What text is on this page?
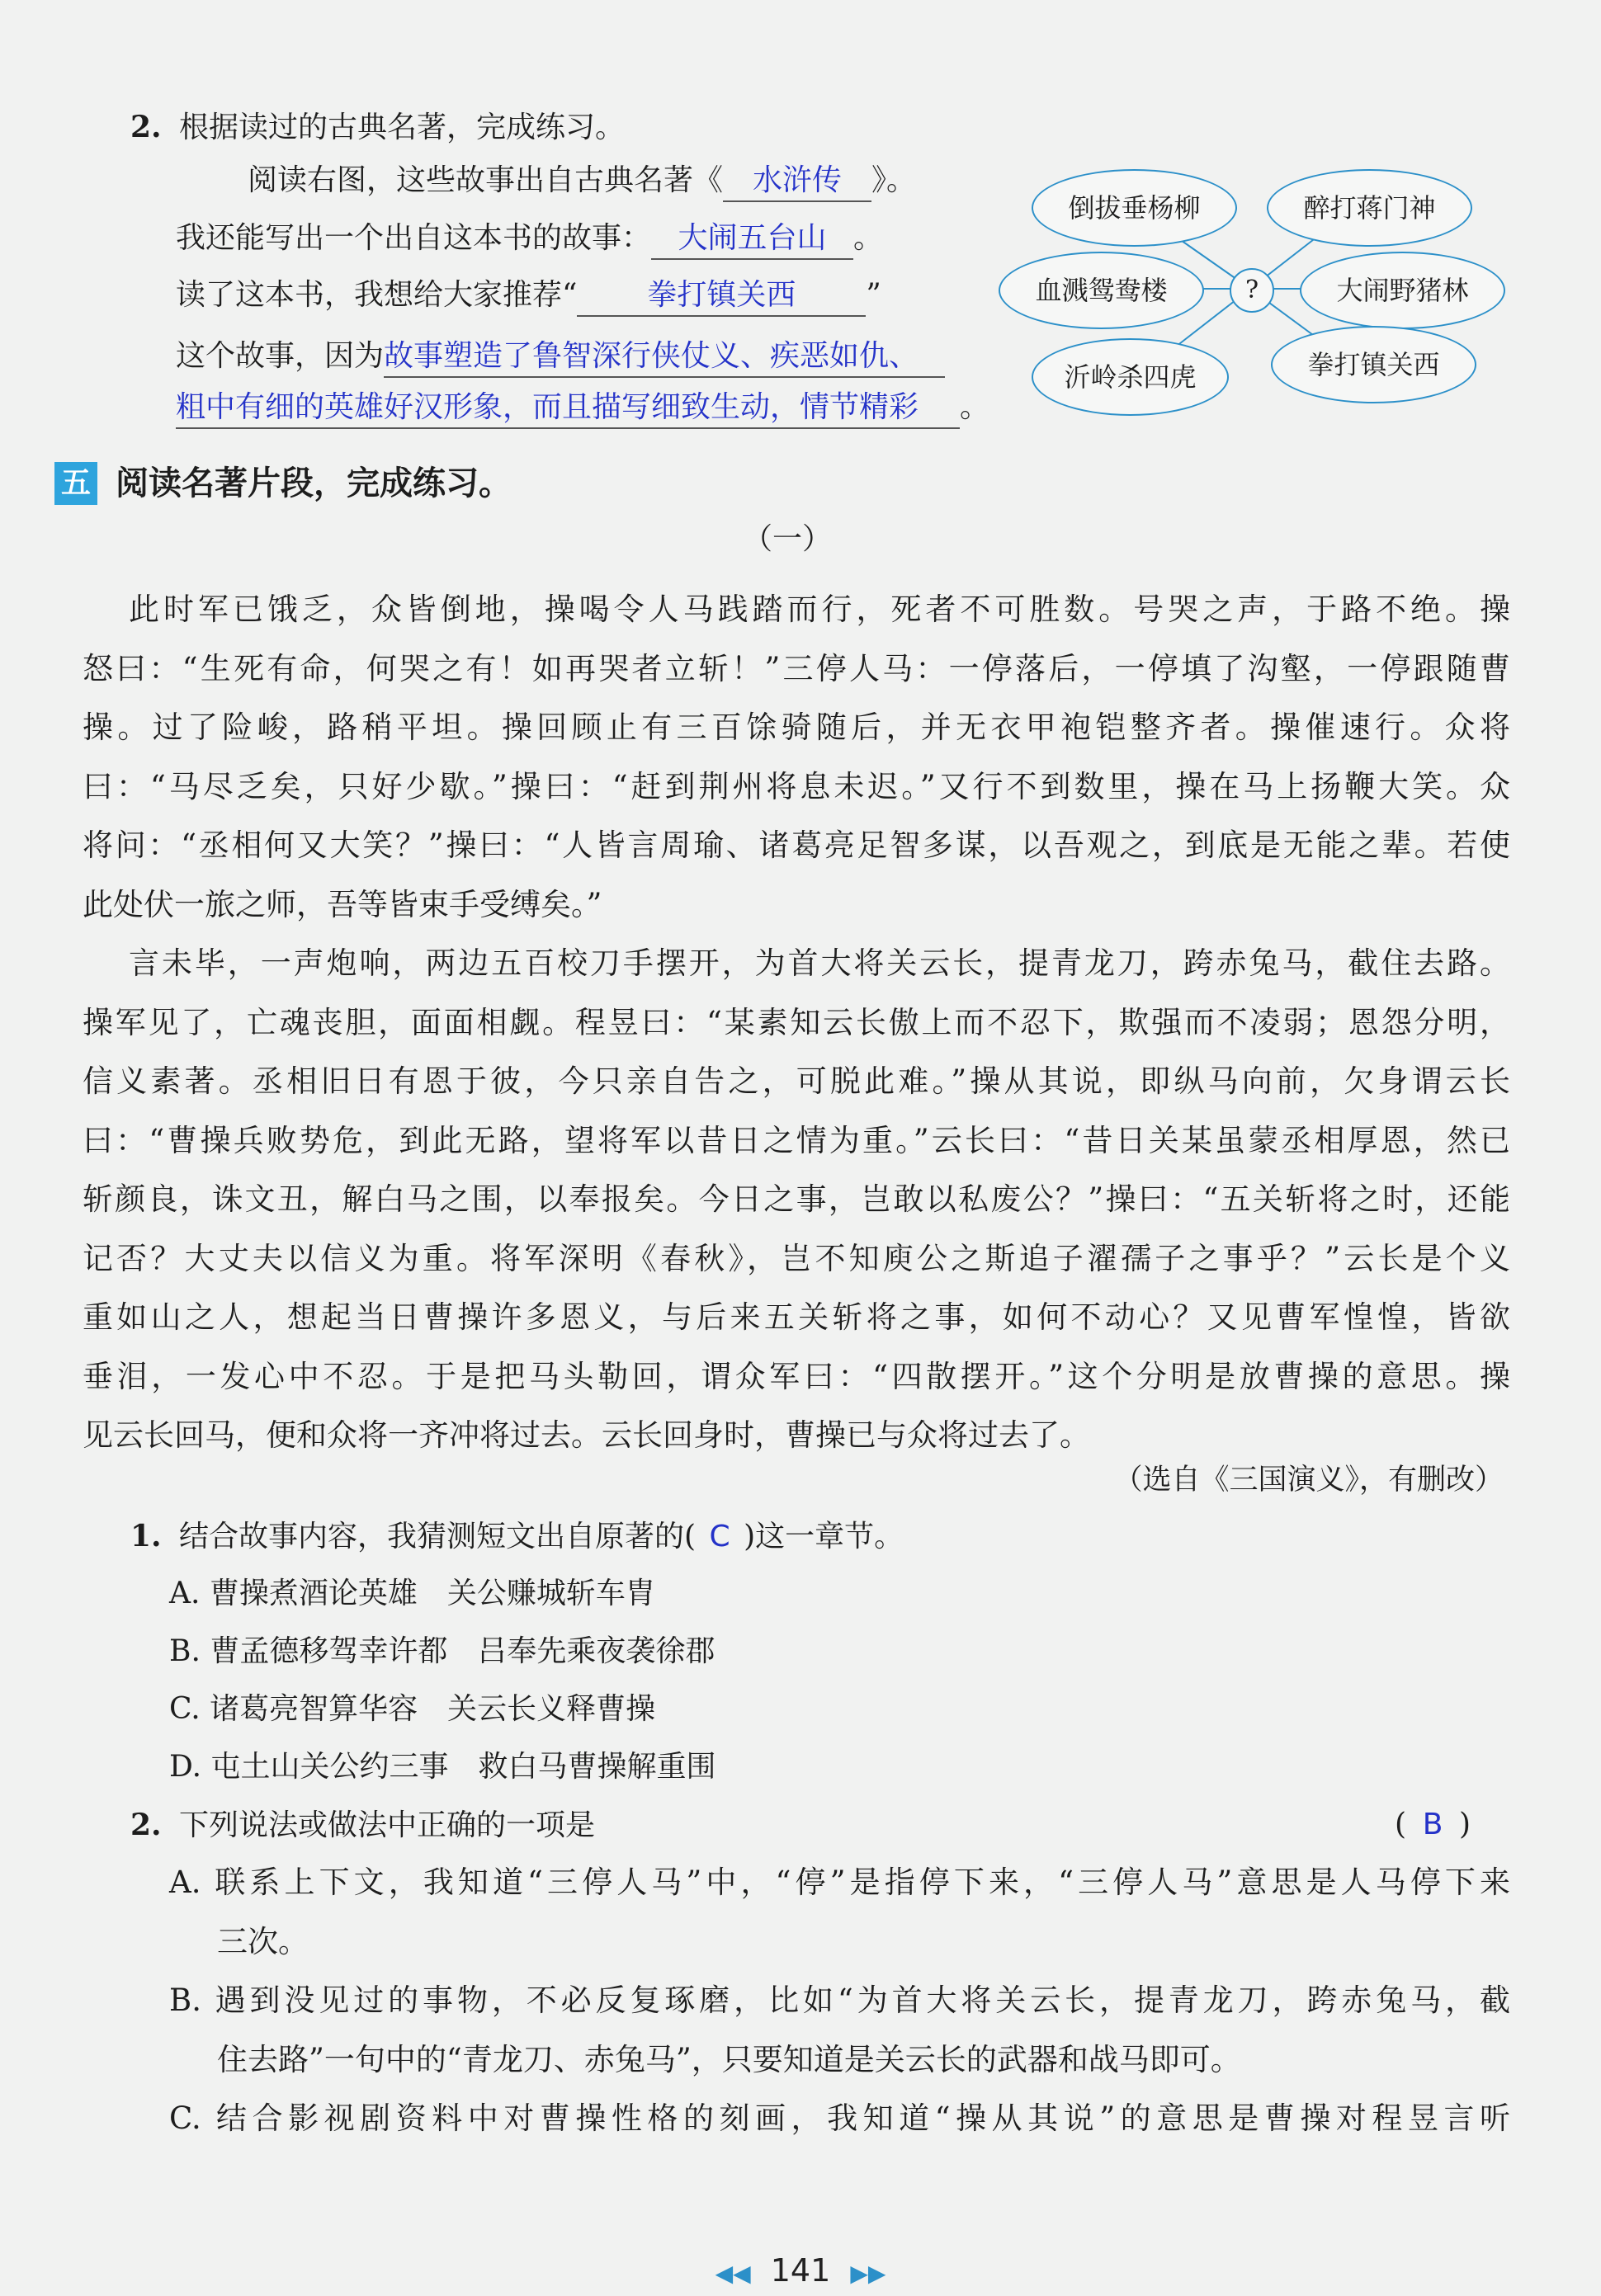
2. 根据读过的古典名著，完成练习。
阅读右图，这些故事出自古典名著《 水浒传 》。
我还能写出一个出自这本书的故事： 大闹五台山 。
读了这本书，我想给大家推荐“ 拳打镇关西 ”
这个故事，因为故事塑造了鲁智深行侠仗义、疾恶如仇、
粗中有细的英雄好汉形象，而且描写细致生动，情节精彩 。
?
倒拔垂杨柳	醉打蒋门神
血溅鸳鸯楼	大闹野猪林
沂岭杀四虎	拳打镇关西
五 阅读名著片段，完成练习。
（一）
此时军已饿乏，众皆倒地，操喝令人马践踏而行，死者不可胜数。号哭之声，于路不绝。操
怒曰：“生死有命，何哭之有！如再哭者立斩！”三停人马：一停落后，一停填了沟壑，一停跟随曹
操。过了险峻，路稍平坦。操回顾止有三百馀骑随后，并无衣甲袍铠整齐者。操催速行。众将
曰：“马尽乏矣，只好少歇。”操曰：“赶到荆州将息未迟。”又行不到数里，操在马上扬鞭大笑。众
将问：“丞相何又大笑？”操曰：“人皆言周瑜、诸葛亮足智多谋，以吾观之，到底是无能之辈。若使
此处伏一旅之师，吾等皆束手受缚矣。”
言未毕，一声炮响，两边五百校刀手摆开，为首大将关云长，提青龙刀，跨赤兔马，截住去路。
操军见了，亡魂丧胆，面面相觑。程昱曰：“某素知云长傲上而不忍下，欺强而不凌弱；恩怨分明，
信义素著。丞相旧日有恩于彼，今只亲自告之，可脱此难。”操从其说，即纵马向前，欠身谓云长
曰：“曹操兵败势危，到此无路，望将军以昔日之情为重。”云长曰：“昔日关某虽蒙丞相厚恩，然已
斩颜良，诛文丑，解白马之围，以奉报矣。今日之事，岂敢以私废公？”操曰：“五关斩将之时，还能
记否？大丈夫以信义为重。将军深明《春秋》，岂不知庾公之斯追子濯孺子之事乎？”云长是个义
重如山之人，想起当日曹操许多恩义，与后来五关斩将之事，如何不动心？又见曹军惶惶，皆欲
垂泪，一发心中不忍。于是把马头勒回，谓众军曰：“四散摆开。”这个分明是放曹操的意思。操
见云长回马，便和众将一齐冲将过去。云长回身时，曹操已与众将过去了。
（选自《三国演义》，有删改）
1. 结合故事内容，我猜测短文出自原著的( C )这一章节。
A. 曹操煮酒论英雄　关公赚城斩车胄
B. 曹孟德移驾幸许都　吕奉先乘夜袭徐郡
C. 诸葛亮智算华容　关云长义释曹操
D. 屯土山关公约三事　救白马曹操解重围
2. 下列说法或做法中正确的一项是	( B )
A. 联系上下文，我知道“三停人马”中，“停”是指停下来，“三停人马”意思是人马停下来
三次。
B. 遇到没见过的事物，不必反复琢磨，比如“为首大将关云长，提青龙刀，跨赤兔马，截
住去路”一句中的“青龙刀、赤兔马”，只要知道是关云长的武器和战马即可。
C. 结合影视剧资料中对曹操性格的刻画，我知道“操从其说”的意思是曹操对程昱言听
◀◀ 141 ▶▶
